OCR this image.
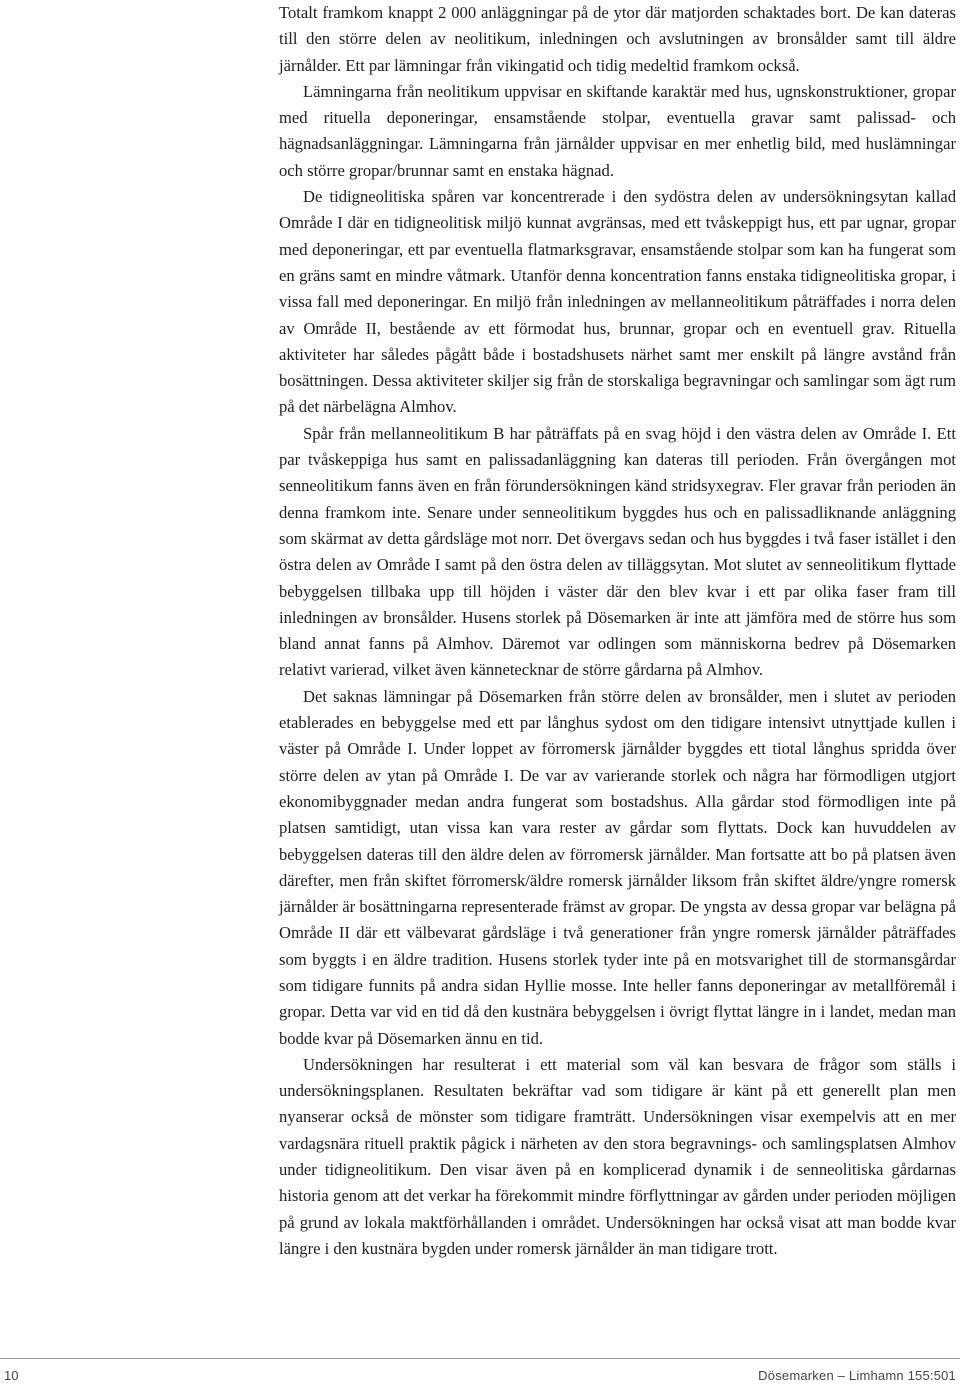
Totalt framkom knappt 2 000 anläggningar på de ytor där matjorden schaktades bort. De kan dateras till den större delen av neolitikum, inledningen och avslutningen av bronsålder samt till äldre järnålder. Ett par lämningar från vikingatid och tidig medeltid framkom också.

Lämningarna från neolitikum uppvisar en skiftande karaktär med hus, ugnskonstruktioner, gropar med rituella deponeringar, ensamstående stolpar, eventuella gravar samt palissad- och hägnadsanläggningar. Lämningarna från järnålder uppvisar en mer enhetlig bild, med huslämningar och större gropar/brunnar samt en enstaka hägnad.

De tidigneolitiska spåren var koncentrerade i den sydöstra delen av undersökningsytan kallad Område I där en tidigneolitisk miljö kunnat avgränsas, med ett tvåskeppigt hus, ett par ugnar, gropar med deponeringar, ett par eventuella flatmarksgravar, ensamstående stolpar som kan ha fungerat som en gräns samt en mindre våtmark. Utanför denna koncentration fanns enstaka tidigneolitiska gropar, i vissa fall med deponeringar. En miljö från inledningen av mellanneolitikum påträffades i norra delen av Område II, bestående av ett förmodat hus, brunnar, gropar och en eventuell grav. Rituella aktiviteter har således pågått både i bostadshusets närhet samt mer enskilt på längre avstånd från bosättningen. Dessa aktiviteter skiljer sig från de storskaliga begravningar och samlingar som ägt rum på det närbelägna Almhov.

Spår från mellanneolitikum B har påträffats på en svag höjd i den västra delen av Område I. Ett par tvåskeppiga hus samt en palissadanläggning kan dateras till perioden. Från övergången mot senneolitikum fanns även en från förundersökningen känd stridsyxegrav. Fler gravar från perioden än denna framkom inte. Senare under senneolitikum byggdes hus och en palissadliknande anläggning som skärmat av detta gårdsläge mot norr. Det övergavs sedan och hus byggdes i två faser istället i den östra delen av Område I samt på den östra delen av tilläggsytan. Mot slutet av senneolitikum flyttade bebyggelsen tillbaka upp till höjden i väster där den blev kvar i ett par olika faser fram till inledningen av bronsålder. Husens storlek på Dösemarken är inte att jämföra med de större hus som bland annat fanns på Almhov. Däremot var odlingen som människorna bedrev på Dösemarken relativt varierad, vilket även kännetecknar de större gårdarna på Almhov.

Det saknas lämningar på Dösemarken från större delen av bronsålder, men i slutet av perioden etablerades en bebyggelse med ett par långhus sydost om den tidigare intensivt utnyttjade kullen i väster på Område I. Under loppet av förromersk järnålder byggdes ett tiotal långhus spridda över större delen av ytan på Område I. De var av varierande storlek och några har förmodligen utgjort ekonomibyggnader medan andra fungerat som bostadshus. Alla gårdar stod förmodligen inte på platsen samtidigt, utan vissa kan vara rester av gårdar som flyttats. Dock kan huvuddelen av bebyggelsen dateras till den äldre delen av förromersk järnålder. Man fortsatte att bo på platsen även därefter, men från skiftet förromersk/äldre romersk järnålder liksom från skiftet äldre/yngre romersk järnålder är bosättningarna representerade främst av gropar. De yngsta av dessa gropar var belägna på Område II där ett välbevarat gårdsläge i två generationer från yngre romersk järnålder påträffades som byggts i en äldre tradition. Husens storlek tyder inte på en motsvarighet till de stormansgårdar som tidigare funnits på andra sidan Hyllie mosse. Inte heller fanns deponeringar av metallföremål i gropar. Detta var vid en tid då den kustnära bebyggelsen i övrigt flyttat längre in i landet, medan man bodde kvar på Dösemarken ännu en tid.

Undersökningen har resulterat i ett material som väl kan besvara de frågor som ställs i undersökningsplanen. Resultaten bekräftar vad som tidigare är känt på ett generellt plan men nyanserar också de mönster som tidigare framträtt. Undersökningen visar exempelvis att en mer vardagsnära rituell praktik pågick i närheten av den stora begravnings- och samlingsplatsen Almhov under tidigneolitikum. Den visar även på en komplicerad dynamik i de senneolitiska gårdarnas historia genom att det verkar ha förekommit mindre förflyttningar av gården under perioden möjligen på grund av lokala maktförhållanden i området. Undersökningen har också visat att man bodde kvar längre i den kustnära bygden under romersk järnålder än man tidigare trott.

10	Dösemarken – Limhamn 155:501
